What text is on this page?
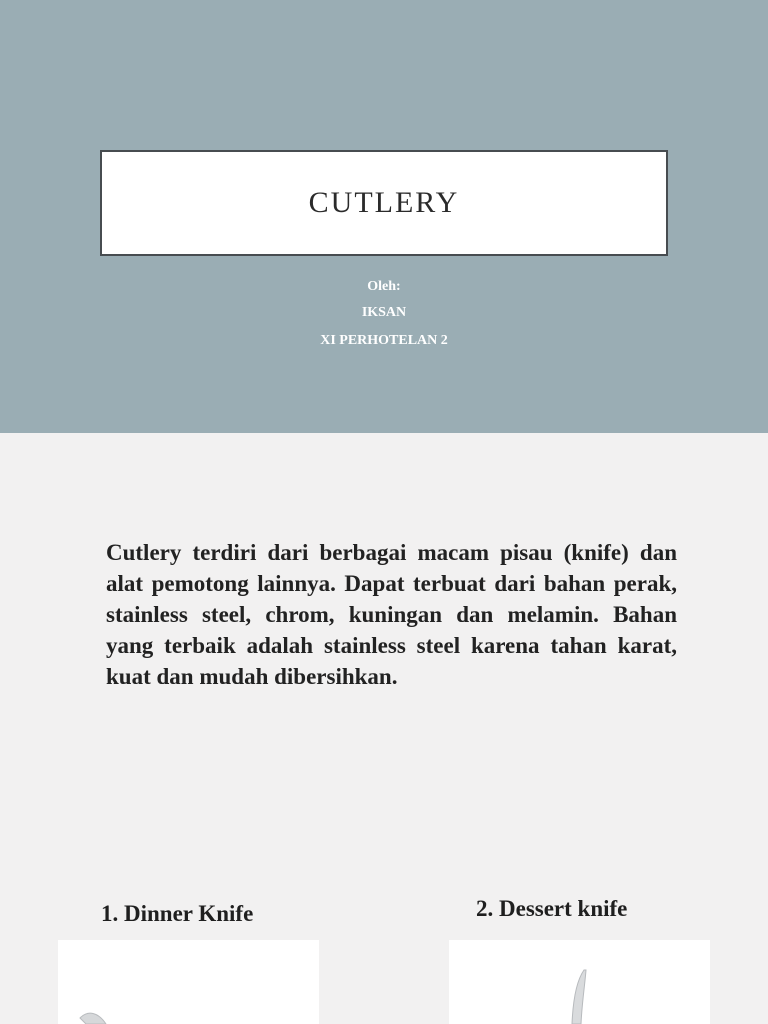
CUTLERY
Oleh:
IKSAN
XI PERHOTELAN 2
Cutlery terdiri dari berbagai macam pisau (knife) dan alat pemotong lainnya. Dapat terbuat dari bahan perak, stainless steel, chrom, kuningan dan melamin. Bahan yang terbaik adalah stainless steel karena tahan karat, kuat dan mudah dibersihkan.
1. Dinner Knife	2. Dessert knife
